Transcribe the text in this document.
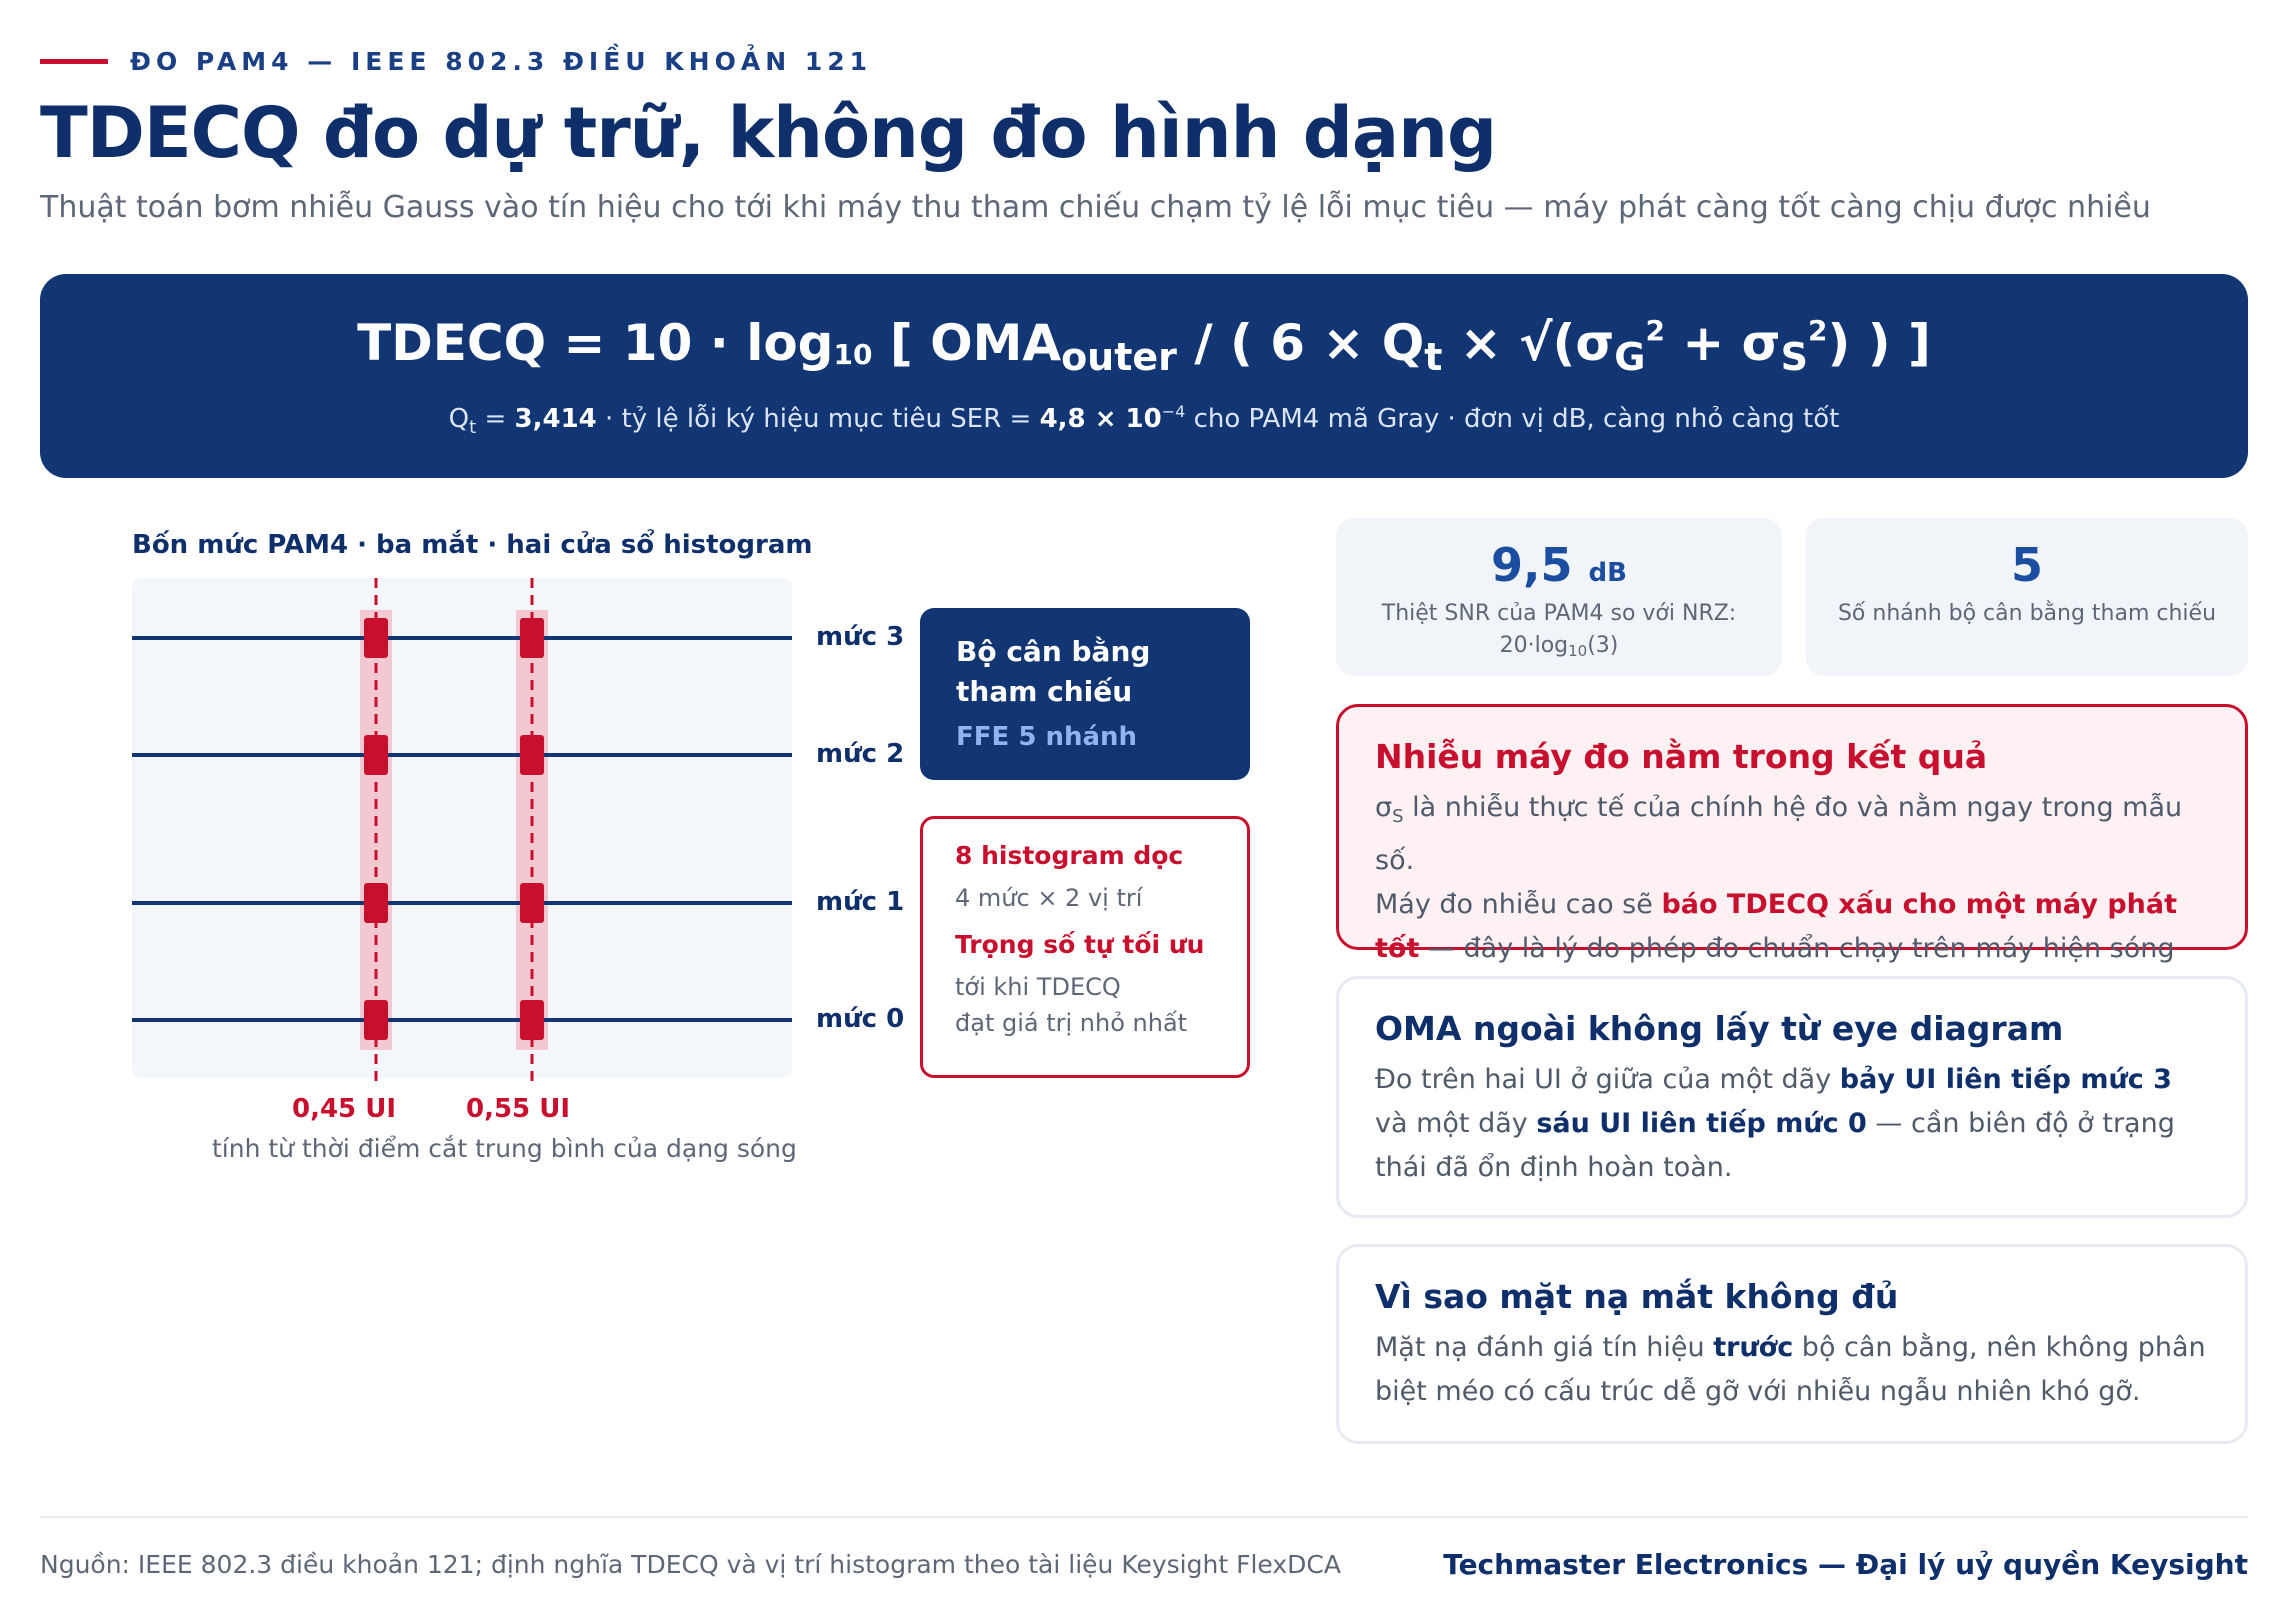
ĐO PAM4 — IEEE 802.3 ĐIỀU KHOẢN 121
TDECQ đo dự trữ, không đo hình dạng
Thuật toán bơm nhiễu Gauss vào tín hiệu cho tới khi máy thu tham chiếu chạm tỷ lệ lỗi mục tiêu — máy phát càng tốt càng chịu được nhiều
TDECQ = 10 · log10 [ $OMA_{outer}$ / ( $6 \times Q_t \times √(\sigma_G^2 + \sigma_S^2)$ ) ]
$Q_t = 3,414$ · tỷ lệ lỗi ký hiệu mục tiêu SER = $4,8 \times 10^{-4}$ cho PAM4 mã Gray · đơn vị dB, càng nhỏ càng tốt
Bốn mức PAM4 · ba mắt · hai cửa sổ histogram
mức 3
mức 2
mức 1
mức 0
0,45 UI	0,55 UI
tính từ thời điểm cắt trung bình của dạng sóng
Bộ cân bằng
tham chiếu
FFE 5 nhánh
8 histogram dọc
4 mức × 2 vị trí
Trọng số tự tối ưu
tới khi TDECQ
đạt giá trị nhỏ nhất
9,5 dB
Thiệt SNR của PAM4 so với NRZ:
$20\cdot\log_{10}(3)$
5
Số nhánh bộ cân bằng tham chiếu
Nhiễu máy đo nằm trong kết quả
$\sigma_S$ là nhiễu thực tế của chính hệ đo và nằm ngay trong mẫu số.
Máy đo nhiễu cao sẽ báo TDECQ xấu cho một máy phát tốt — đây là lý do phép đo chuẩn chạy trên máy hiện sóng
OMA ngoài không lấy từ eye diagram
Đo trên hai UI ở giữa của một dãy bảy UI liên tiếp mức 3 và một dãy sáu UI liên tiếp mức 0 — cần biên độ ở trạng thái đã ổn định hoàn toàn.
Vì sao mặt nạ mắt không đủ
Mặt nạ đánh giá tín hiệu trước bộ cân bằng, nên không phân biệt méo có cấu trúc dễ gỡ với nhiễu ngẫu nhiên khó gỡ.
Nguồn: IEEE 802.3 điều khoản 121; định nghĩa TDECQ và vị trí histogram theo tài liệu Keysight FlexDCA	Techmaster Electronics — Đại lý uỷ quyền Keysight
